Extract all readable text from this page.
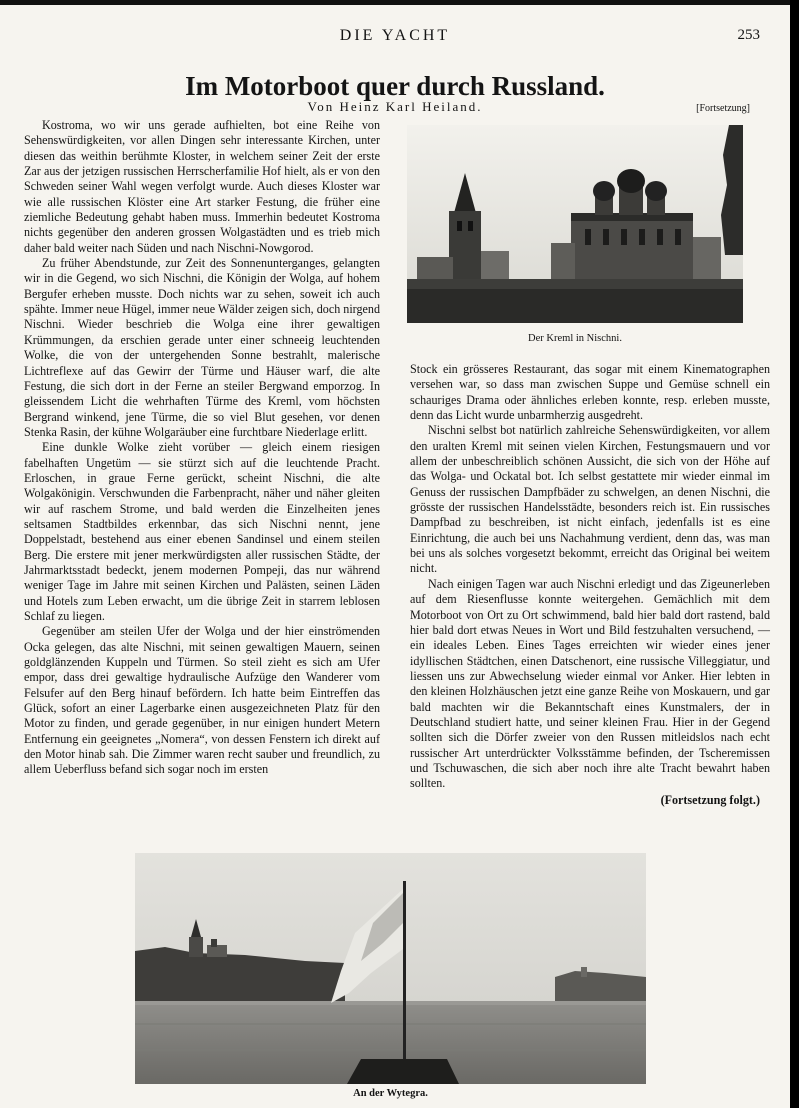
DIE YACHT	253
Im Motorboot quer durch Russland.
Von Heinz Karl Heiland.	[Fortsetzung]

Kostroma, wo wir uns gerade aufhielten, bot eine Reihe von Sehenswürdigkeiten, vor allen Dingen sehr interessante Kirchen, unter diesen das weithin berühmte Kloster, in welchem seiner Zeit der erste Zar aus der jetzigen russischen Herrscherfamilie Hof hielt, als er von den Schweden seiner Wahl wegen verfolgt wurde. Auch dieses Kloster war wie alle russischen Klöster eine Art starker Festung, die früher eine ziemliche Bedeutung gehabt haben muss. Immerhin bedeutet Kostroma nichts gegenüber den anderen grossen Wolgastädten und es trieb mich daher bald weiter nach Süden und nach Nischni-Nowgorod.

Zu früher Abendstunde, zur Zeit des Sonnenunterganges, gelangten wir in die Gegend, wo sich Nischni, die Königin der Wolga, auf hohem Bergufer erheben musste. Doch nichts war zu sehen, soweit ich auch spähte. Immer neue Hügel, immer neue Wälder zeigen sich, doch nirgend Nischni. Wieder beschrieb die Wolga eine ihrer gewaltigen Krümmungen, da erschien gerade unter einer schneeig leuchtenden Wolke, die von der untergehenden Sonne bestrahlt, malerische Lichtreflexe auf das Gewirr der Türme und Häuser warf, die alte Festung, die sich dort in der Ferne an steiler Bergwand emporzog. In gleissendem Licht die wehrhaften Türme des Kreml, vom höchsten Bergrand winkend, jene Türme, die so viel Blut gesehen, vor denen Stenka Rasin, der kühne Wolgaräuber eine furchtbare Niederlage erlitt.

Eine dunkle Wolke zieht vorüber — gleich einem riesigen fabelhaften Ungetüm — sie stürzt sich auf die leuchtende Pracht. Erloschen, in graue Ferne gerückt, scheint Nischni, die alte Wolgakönigin. Verschwunden die Farbenpracht, näher und näher gleiten wir auf raschem Strome, und bald werden die Einzelheiten jenes seltsamen Stadtbildes erkennbar, das sich Nischni nennt, jene Doppelstadt, bestehend aus einer ebenen Sandinsel und einem steilen Berg. Die erstere mit jener merkwürdigsten aller russischen Städte, der Jahrmarktsstadt bedeckt, jenem modernen Pompeji, das nur während weniger Tage im Jahre mit seinen Kirchen und Palästen, seinen Läden und Hotels zum Leben erwacht, um die übrige Zeit in starrem leblosen Schlaf zu liegen.

Gegenüber am steilen Ufer der Wolga und der hier einströmenden Ocka gelegen, das alte Nischni, mit seinen gewaltigen Mauern, seinen goldglänzenden Kuppeln und Türmen. So steil zieht es sich am Ufer empor, dass drei gewaltige hydraulische Aufzüge den Wanderer vom Felsufer auf den Berg hinauf befördern. Ich hatte beim Eintreffen das Glück, sofort an einer Lagerbarke einen ausgezeichneten Platz für den Motor zu finden, und gerade gegenüber, in nur einigen hundert Metern Entfernung ein geeignetes „Nomera“, von dessen Fenstern ich direkt auf den Motor hinab sah. Die Zimmer waren recht sauber und freundlich, zu allem Ueberfluss befand sich sogar noch im ersten

Der Kreml in Nischni.

Stock ein grösseres Restaurant, das sogar mit einem Kinematographen versehen war, so dass man zwischen Suppe und Gemüse schnell ein schauriges Drama oder ähnliches erleben konnte, resp. erleben musste, denn das Licht wurde unbarmherzig ausgedreht.

Nischni selbst bot natürlich zahlreiche Sehenswürdigkeiten, vor allem den uralten Kreml mit seinen vielen Kirchen, Festungsmauern und vor allem der unbeschreiblich schönen Aussicht, die sich von der Höhe auf das Wolga- und Ockatal bot. Ich selbst gestattete mir wieder einmal im Genuss der russischen Dampfbäder zu schwelgen, an denen Nischni, die grösste der russischen Handelsstädte, besonders reich ist. Ein russisches Dampfbad zu beschreiben, ist nicht einfach, jedenfalls ist es eine Einrichtung, die auch bei uns Nachahmung verdient, denn das, was man bei uns als solches vorgesetzt bekommt, erreicht das Original bei weitem nicht.

Nach einigen Tagen war auch Nischni erledigt und das Zigeunerleben auf dem Riesenflusse konnte weitergehen. Gemächlich mit dem Motorboot von Ort zu Ort schwimmend, bald hier bald dort rastend, bald hier bald dort etwas Neues in Wort und Bild festzuhalten versuchend, — ein ideales Leben. Eines Tages erreichten wir wieder eines jener idyllischen Städtchen, einen Datschenort, eine russische Villeggiatur, und liessen uns zur Abwechselung wieder einmal vor Anker. Hier lebten in den kleinen Holzhäuschen jetzt eine ganze Reihe von Moskauern, und gar bald machten wir die Bekanntschaft eines Kunstmalers, der in Deutschland studiert hatte, und seiner kleinen Frau. Hier in der Gegend sollten sich die Dörfer zweier von den Russen mitleidslos nach echt russischer Art unterdrückter Volksstämme befinden, der Tscheremissen und Tschuwaschen, die sich aber noch ihre alte Tracht bewahrt haben sollten.

(Fortsetzung folgt.)

An der Wytegra.
